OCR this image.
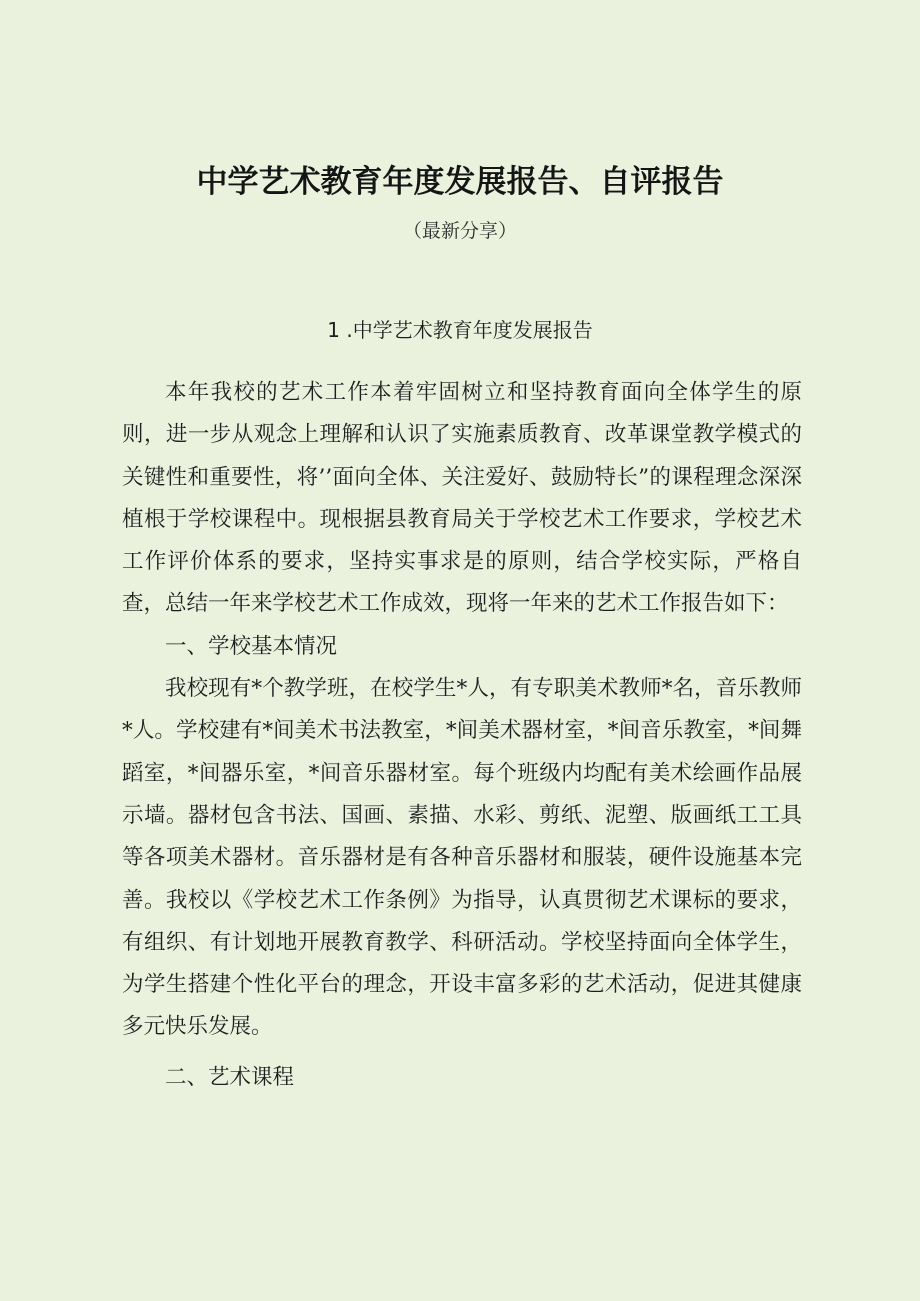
中学艺术教育年度发展报告、自评报告
（最新分享）
1 .中学艺术教育年度发展报告

本年我校的艺术工作本着牢固树立和坚持教育面向全体学生的原则，进一步从观念上理解和认识了实施素质教育、改革课堂教学模式的关键性和重要性，将’’面向全体、关注爱好、鼓励特长”的课程理念深深植根于学校课程中。现根据县教育局关于学校艺术工作要求，学校艺术工作评价体系的要求，坚持实事求是的原则，结合学校实际，严格自查，总结一年来学校艺术工作成效，现将一年来的艺术工作报告如下：

一、学校基本情况

我校现有*个教学班，在校学生*人，有专职美术教师*名，音乐教师*人。学校建有*间美术书法教室，*间美术器材室，*间音乐教室，*间舞蹈室，*间器乐室，*间音乐器材室。每个班级内均配有美术绘画作品展示墙。器材包含书法、国画、素描、水彩、剪纸、泥塑、版画纸工工具等各项美术器材。音乐器材是有各种音乐器材和服装，硬件设施基本完善。我校以《学校艺术工作条例》为指导，认真贯彻艺术课标的要求，有组织、有计划地开展教育教学、科研活动。学校坚持面向全体学生，为学生搭建个性化平台的理念，开设丰富多彩的艺术活动，促进其健康多元快乐发展。

二、艺术课程
